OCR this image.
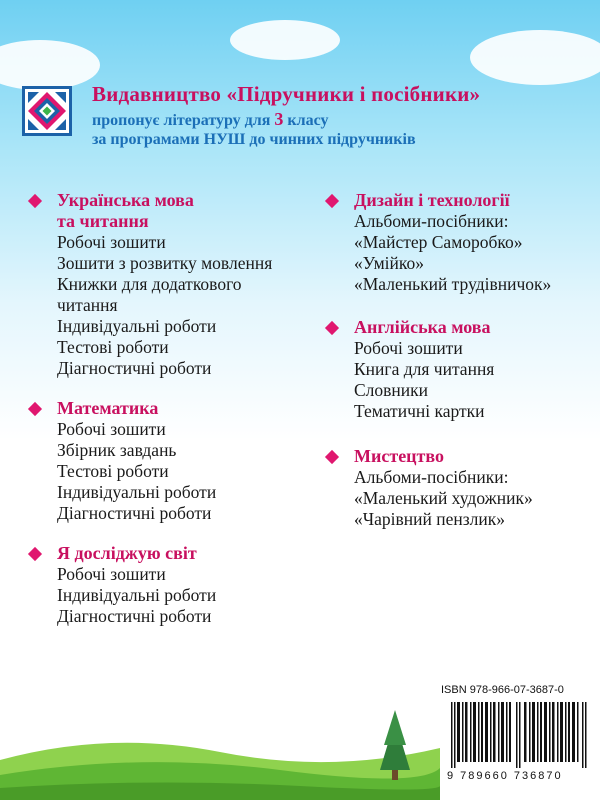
Видавництво «Підручники і посібники»
пропонує літературу для 3 класу
за програмами НУШ до чинних підручників
Українська мова
та читання
Робочі зошити
Зошити з розвитку мовлення
Книжки для додаткового
читання
Індивідуальні роботи
Тестові роботи
Діагностичні роботи
Математика
Робочі зошити
Збірник завдань
Тестові роботи
Індивідуальні роботи
Діагностичні роботи
Я досліджую світ
Робочі зошити
Індивідуальні роботи
Діагностичні роботи
Дизайн і технології
Альбоми-посібники:
«Майстер Саморобко»
«Умійко»
«Маленький трудівничок»
Англійська мова
Робочі зошити
Книга для читання
Словники
Тематичні картки
Мистецтво
Альбоми-посібники:
«Маленький художник»
«Чарівний пензлик»
ISBN 978-966-07-3687-0
9 789660 736870
